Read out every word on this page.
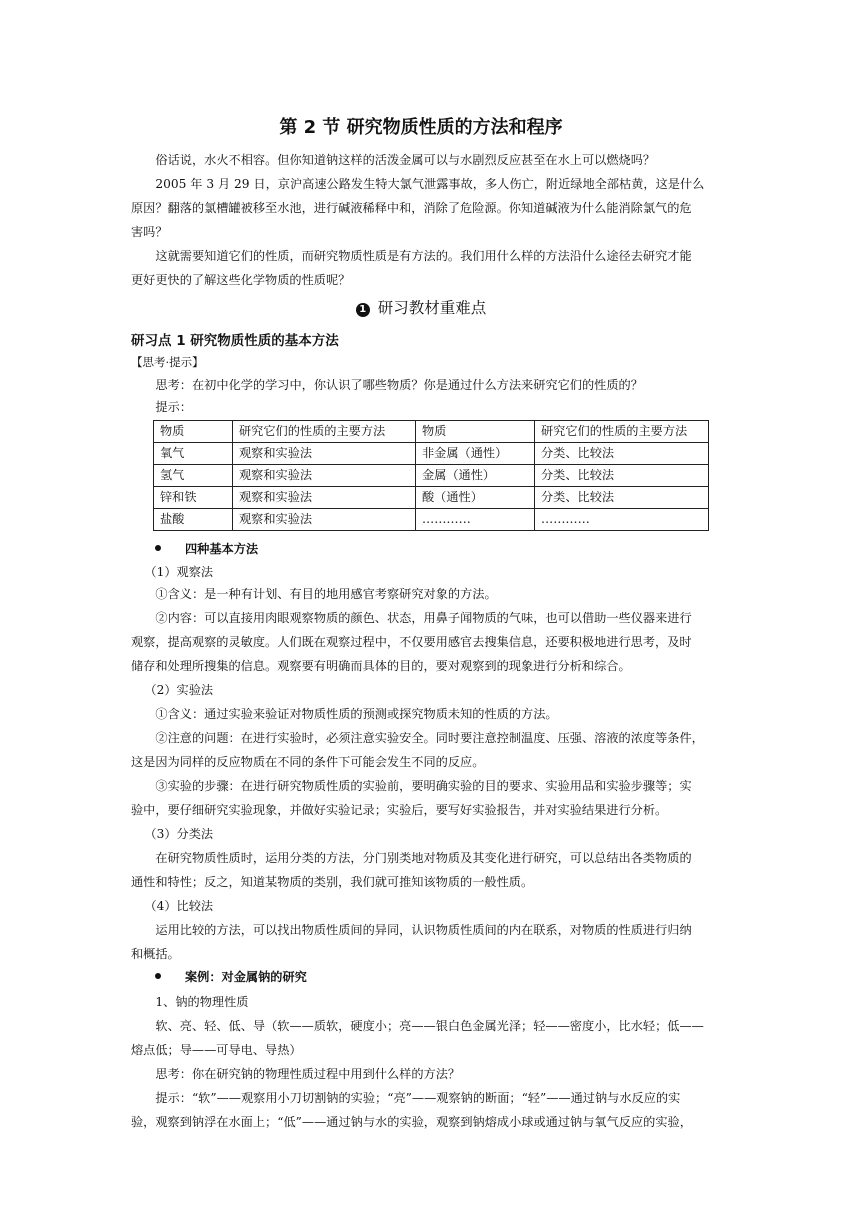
第 2 节 研究物质性质的方法和程序
俗话说，水火不相容。但你知道钠这样的活泼金属可以与水剧烈反应甚至在水上可以燃烧吗？
2005 年 3 月 29 日，京沪高速公路发生特大氯气泄露事故，多人伤亡，附近绿地全部枯黄，这是什么
原因？翻落的氯槽罐被移至水池，进行碱液稀释中和，消除了危险源。你知道碱液为什么能消除氯气的危
害吗？
这就需要知道它们的性质，而研究物质性质是有方法的。我们用什么样的方法沿什么途径去研究才能
更好更快的了解这些化学物质的性质呢？
1 研习教材重难点
研习点 1 研究物质性质的基本方法
【思考·提示】
思考：在初中化学的学习中，你认识了哪些物质？你是通过什么方法来研究它们的性质的？
提示：
物质	研究它们的性质的主要方法	物质	研究它们的性质的主要方法
氧气	观察和实验法	非金属（通性）	分类、比较法
氢气	观察和实验法	金属（通性）	分类、比较法
锌和铁	观察和实验法	酸（通性）	分类、比较法
盐酸	观察和实验法	…………	…………
四种基本方法
（1）观察法
①含义：是一种有计划、有目的地用感官考察研究对象的方法。
②内容：可以直接用肉眼观察物质的颜色、状态，用鼻子闻物质的气味，也可以借助一些仪器来进行
观察，提高观察的灵敏度。人们既在观察过程中，不仅要用感官去搜集信息，还要积极地进行思考，及时
储存和处理所搜集的信息。观察要有明确而具体的目的，要对观察到的现象进行分析和综合。
（2）实验法
①含义：通过实验来验证对物质性质的预测或探究物质未知的性质的方法。
②注意的问题：在进行实验时，必须注意实验安全。同时要注意控制温度、压强、溶液的浓度等条件，
这是因为同样的反应物质在不同的条件下可能会发生不同的反应。
③实验的步骤：在进行研究物质性质的实验前，要明确实验的目的要求、实验用品和实验步骤等；实
验中，要仔细研究实验现象，并做好实验记录；实验后，要写好实验报告，并对实验结果进行分析。
（3）分类法
在研究物质性质时，运用分类的方法，分门别类地对物质及其变化进行研究，可以总结出各类物质的
通性和特性；反之，知道某物质的类别，我们就可推知该物质的一般性质。
（4）比较法
运用比较的方法，可以找出物质性质间的异同，认识物质性质间的内在联系，对物质的性质进行归纳
和概括。
案例：对金属钠的研究
1、钠的物理性质
软、亮、轻、低、导（软——质软，硬度小；亮——银白色金属光泽；轻——密度小，比水轻；低——
熔点低；导——可导电、导热）
思考：你在研究钠的物理性质过程中用到什么样的方法？
提示：“软”——观察用小刀切割钠的实验；“亮”——观察钠的断面；“轻”——通过钠与水反应的实
验，观察到钠浮在水面上；“低”——通过钠与水的实验，观察到钠熔成小球或通过钠与氧气反应的实验，
